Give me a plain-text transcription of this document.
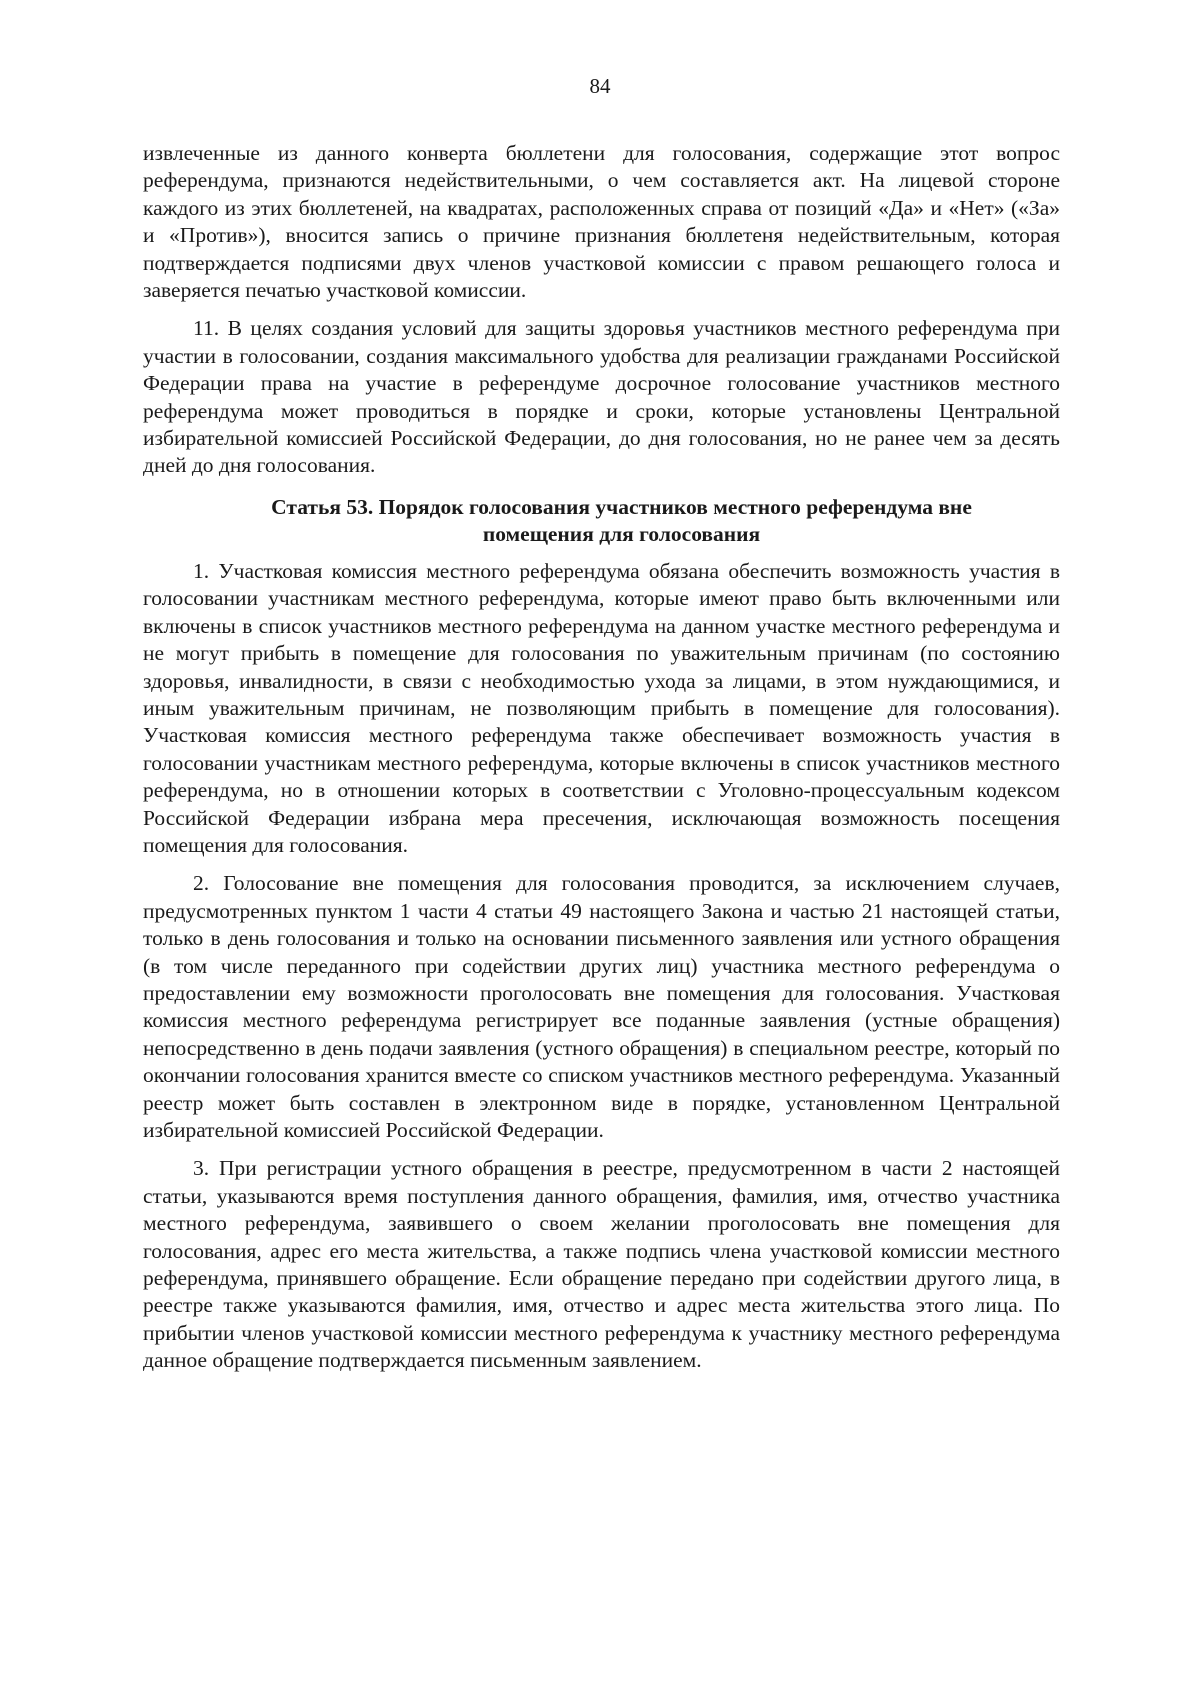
84

извлеченные из данного конверта бюллетени для голосования, содержащие этот вопрос референдума, признаются недействительными, о чем составляется акт. На лицевой стороне каждого из этих бюллетеней, на квадратах, расположенных справа от позиций «Да» и «Нет» («За» и «Против»), вносится запись о причине признания бюллетеня недействительным, которая подтверждается подписями двух членов участковой комиссии с правом решающего голоса и заверяется печатью участковой комиссии.

11. В целях создания условий для защиты здоровья участников местного референдума при участии в голосовании, создания максимального удобства для реализации гражданами Российской Федерации права на участие в референдуме досрочное голосование участников местного референдума может проводиться в порядке и сроки, которые установлены Центральной избирательной комиссией Российской Федерации, до дня голосования, но не ранее чем за десять дней до дня голосования.

Статья 53. Порядок голосования участников местного референдума вне
помещения для голосования

1. Участковая комиссия местного референдума обязана обеспечить возможность участия в голосовании участникам местного референдума, которые имеют право быть включенными или включены в список участников местного референдума на данном участке местного референдума и не могут прибыть в помещение для голосования по уважительным причинам (по состоянию здоровья, инвалидности, в связи с необходимостью ухода за лицами, в этом нуждающимися, и иным уважительным причинам, не позволяющим прибыть в помещение для голосования). Участковая комиссия местного референдума также обеспечивает возможность участия в голосовании участникам местного референдума, которые включены в список участников местного референдума, но в отношении которых в соответствии с Уголовно-процессуальным кодексом Российской Федерации избрана мера пресечения, исключающая возможность посещения помещения для голосования.

2. Голосование вне помещения для голосования проводится, за исключением случаев, предусмотренных пунктом 1 части 4 статьи 49 настоящего Закона и частью 21 настоящей статьи, только в день голосования и только на основании письменного заявления или устного обращения (в том числе переданного при содействии других лиц) участника местного референдума о предоставлении ему возможности проголосовать вне помещения для голосования. Участковая комиссия местного референдума регистрирует все поданные заявления (устные обращения) непосредственно в день подачи заявления (устного обращения) в специальном реестре, который по окончании голосования хранится вместе со списком участников местного референдума. Указанный реестр может быть составлен в электронном виде в порядке, установленном Центральной избирательной комиссией Российской Федерации.

3. При регистрации устного обращения в реестре, предусмотренном в части 2 настоящей статьи, указываются время поступления данного обращения, фамилия, имя, отчество участника местного референдума, заявившего о своем желании проголосовать вне помещения для голосования, адрес его места жительства, а также подпись члена участковой комиссии местного референдума, принявшего обращение. Если обращение передано при содействии другого лица, в реестре также указываются фамилия, имя, отчество и адрес места жительства этого лица. По прибытии членов участковой комиссии местного референдума к участнику местного референдума данное обращение подтверждается письменным заявлением.
